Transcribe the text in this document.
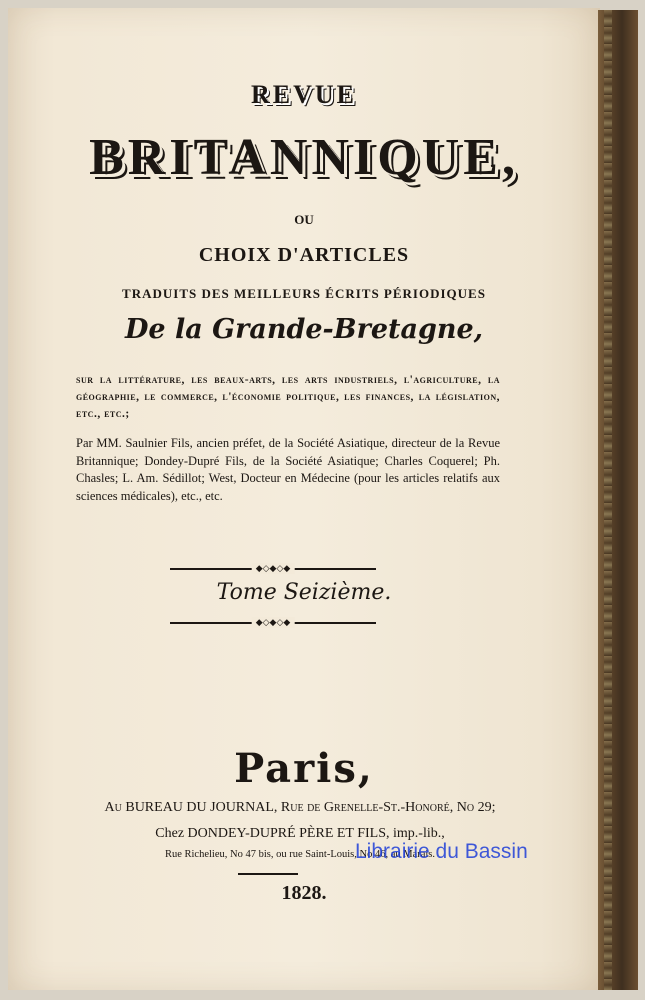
REVUE
BRITANNIQUE,
OU
CHOIX D'ARTICLES
TRADUITS DES MEILLEURS ÉCRITS PÉRIODIQUES
De la Grande-Bretagne,
sur la littérature, les beaux-arts, les arts industriels, l'agriculture, la géographie, le commerce, l'économie politique, les finances, la législation, etc., etc.;
Par MM. Saulnier Fils, ancien préfet, de la Société Asiatique, directeur de la Revue Britannique; Dondey-Dupré Fils, de la Société Asiatique; Charles Coquerel; Ph. Chasles; L. Am. Sédillot; West, Docteur en Médecine (pour les articles relatifs aux sciences médicales), etc., etc.
◆◇◆◇◆
Tome Seizième.
◆◇◆◇◆
Paris,
Au BUREAU DU JOURNAL, Rue de Grenelle-St.-Honoré, No 29;
Chez DONDEY-DUPRÉ PÈRE ET FILS, imp.-lib.,
Rue Richelieu, No 47 bis, ou rue Saint-Louis, No 46, au Marais.
1828.
Librairie du Bassin
